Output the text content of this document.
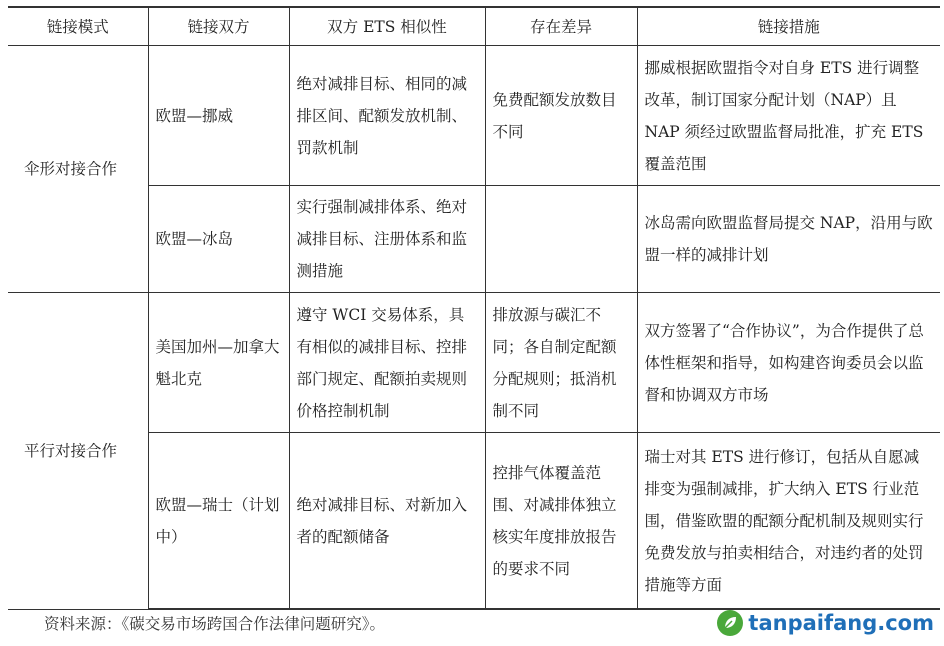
链接模式	链接双方	双方 ETS 相似性	存在差异	链接措施
伞形对接合作	欧盟—挪威	绝对减排目标、相同的减排区间、配额发放机制、罚款机制	免费配额发放数目不同	挪威根据欧盟指令对自身 ETS 进行调整改革，制订国家分配计划（NAP）且 NAP 须经过欧盟监督局批准，扩充 ETS 覆盖范围
	欧盟—冰岛	实行强制减排体系、绝对减排目标、注册体系和监测措施		冰岛需向欧盟监督局提交 NAP，沿用与欧盟一样的减排计划
平行对接合作	美国加州—加拿大魁北克	遵守 WCI 交易体系，具有相似的减排目标、控排部门规定、配额拍卖规则价格控制机制	排放源与碳汇不同；各自制定配额分配规则；抵消机制不同	双方签署了“合作协议”，为合作提供了总体性框架和指导，如构建咨询委员会以监督和协调双方市场
	欧盟—瑞士（计划中）	绝对减排目标、对新加入者的配额储备	控排气体覆盖范围、对减排体独立核实年度排放报告的要求不同	瑞士对其 ETS 进行修订，包括从自愿减排变为强制减排，扩大纳入 ETS 行业范围，借鉴欧盟的配额分配机制及规则实行免费发放与拍卖相结合，对违约者的处罚措施等方面
资料来源：《碳交易市场跨国合作法律问题研究》。	tanpaifang.com
